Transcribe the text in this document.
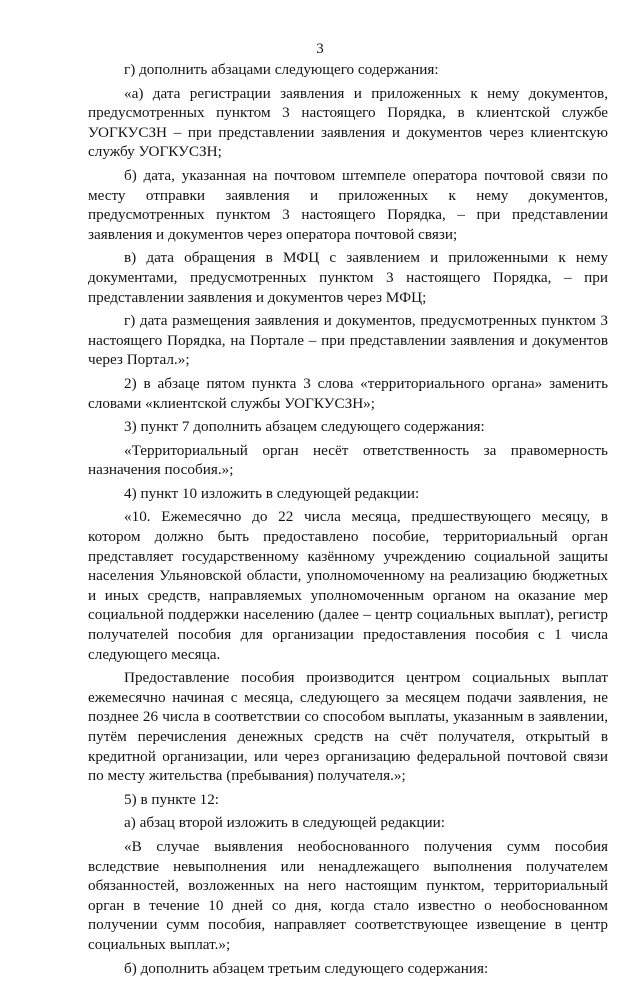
3

г) дополнить абзацами следующего содержания:

«а) дата регистрации заявления и приложенных к нему документов, предусмотренных пунктом 3 настоящего Порядка, в клиентской службе УОГКУСЗН – при представлении заявления и документов через клиентскую службу УОГКУСЗН;

б) дата, указанная на почтовом штемпеле оператора почтовой связи по месту отправки заявления и приложенных к нему документов, предусмотренных пунктом 3 настоящего Порядка, – при представлении заявления и документов через оператора почтовой связи;

в) дата обращения в МФЦ с заявлением и приложенными к нему документами, предусмотренных пунктом 3 настоящего Порядка, – при представлении заявления и документов через МФЦ;

г) дата размещения заявления и документов, предусмотренных пунктом 3 настоящего Порядка, на Портале – при представлении заявления и документов через Портал.»;

2) в абзаце пятом пункта 3 слова «территориального органа» заменить словами «клиентской службы УОГКУСЗН»;

3) пункт 7 дополнить абзацем следующего содержания:

«Территориальный орган несёт ответственность за правомерность назначения пособия.»;

4) пункт 10 изложить в следующей редакции:

«10. Ежемесячно до 22 числа месяца, предшествующего месяцу, в котором должно быть предоставлено пособие, территориальный орган представляет государственному казённому учреждению социальной защиты населения Ульяновской области, уполномоченному на реализацию бюджетных и иных средств, направляемых уполномоченным органом на оказание мер социальной поддержки населению (далее – центр социальных выплат), регистр получателей пособия для организации предоставления пособия с 1 числа следующего месяца.

Предоставление пособия производится центром социальных выплат ежемесячно начиная с месяца, следующего за месяцем подачи заявления, не позднее 26 числа в соответствии со способом выплаты, указанным в заявлении, путём перечисления денежных средств на счёт получателя, открытый в кредитной организации, или через организацию федеральной почтовой связи по месту жительства (пребывания) получателя.»;

5) в пункте 12:

а) абзац второй изложить в следующей редакции:

«В случае выявления необоснованного получения сумм пособия вследствие невыполнения или ненадлежащего выполнения получателем обязанностей, возложенных на него настоящим пунктом, территориальный орган в течение 10 дней со дня, когда стало известно о необоснованном получении сумм пособия, направляет соответствующее извещение в центр социальных выплат.»;

б) дополнить абзацем третьим следующего содержания:
